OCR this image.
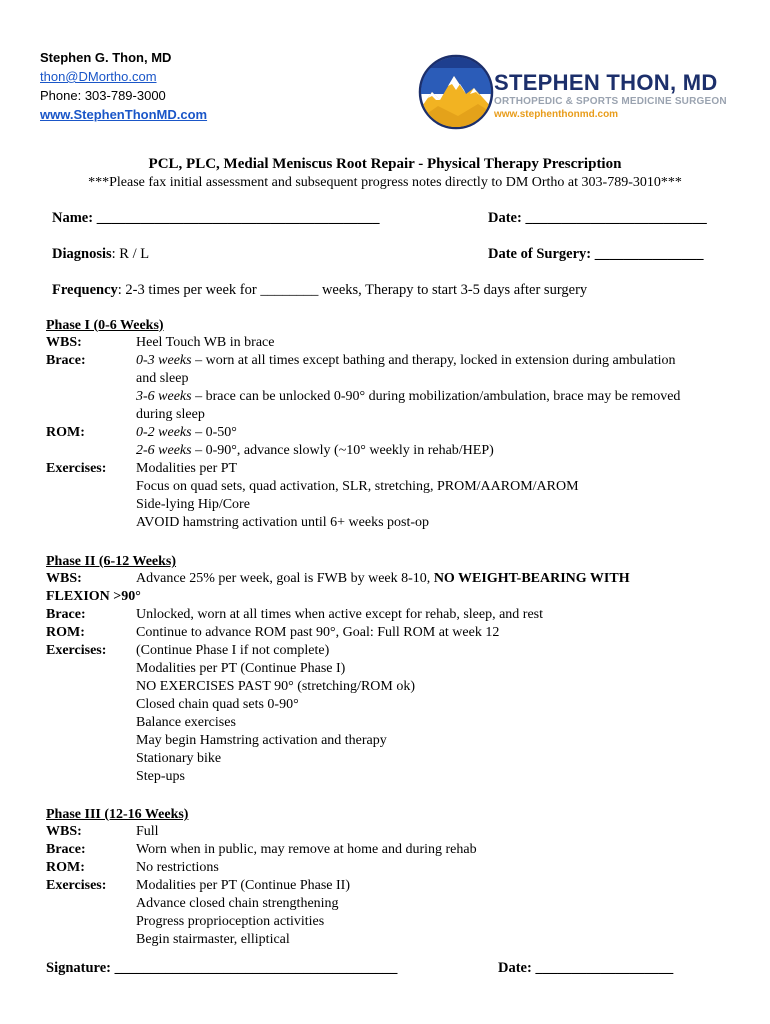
Stephen G. Thon, MD
thon@DMortho.com
Phone: 303-789-3000
www.StephenThonMD.com
STEPHEN THON, MD
ORTHOPEDIC & SPORTS MEDICINE SURGEON
www.stephenthonmd.com
PCL, PLC, Medial Meniscus Root Repair - Physical Therapy Prescription
***Please fax initial assessment and subsequent progress notes directly to DM Ortho at 303-789-3010***
Name: _______________________________________	Date: _________________________
Diagnosis: R / L	Date of Surgery: _______________
Frequency: 2-3 times per week for ________ weeks, Therapy to start 3-5 days after surgery
Phase I (0-6 Weeks)
WBS:	Heel Touch WB in brace
Brace:	0-3 weeks – worn at all times except bathing and therapy, locked in extension during ambulation
and sleep
3-6 weeks – brace can be unlocked 0-90° during mobilization/ambulation, brace may be removed
during sleep
ROM:	0-2 weeks – 0-50°
2-6 weeks – 0-90°, advance slowly (~10° weekly in rehab/HEP)
Exercises: Modalities per PT
Focus on quad sets, quad activation, SLR, stretching, PROM/AAROM/AROM
Side-lying Hip/Core
AVOID hamstring activation until 6+ weeks post-op
Phase II (6-12 Weeks)
WBS:	Advance 25% per week, goal is FWB by week 8-10, NO WEIGHT-BEARING WITH
FLEXION >90°
Brace:	Unlocked, worn at all times when active except for rehab, sleep, and rest
ROM:	Continue to advance ROM past 90°, Goal: Full ROM at week 12
Exercises: (Continue Phase I if not complete)
Modalities per PT (Continue Phase I)
NO EXERCISES PAST 90° (stretching/ROM ok)
Closed chain quad sets 0-90°
Balance exercises
May begin Hamstring activation and therapy
Stationary bike
Step-ups
Phase III (12-16 Weeks)
WBS:	Full
Brace:	Worn when in public, may remove at home and during rehab
ROM:	No restrictions
Exercises: Modalities per PT (Continue Phase II)
Advance closed chain strengthening
Progress proprioception activities
Begin stairmaster, elliptical
Signature: _______________________________________	Date: ___________________
